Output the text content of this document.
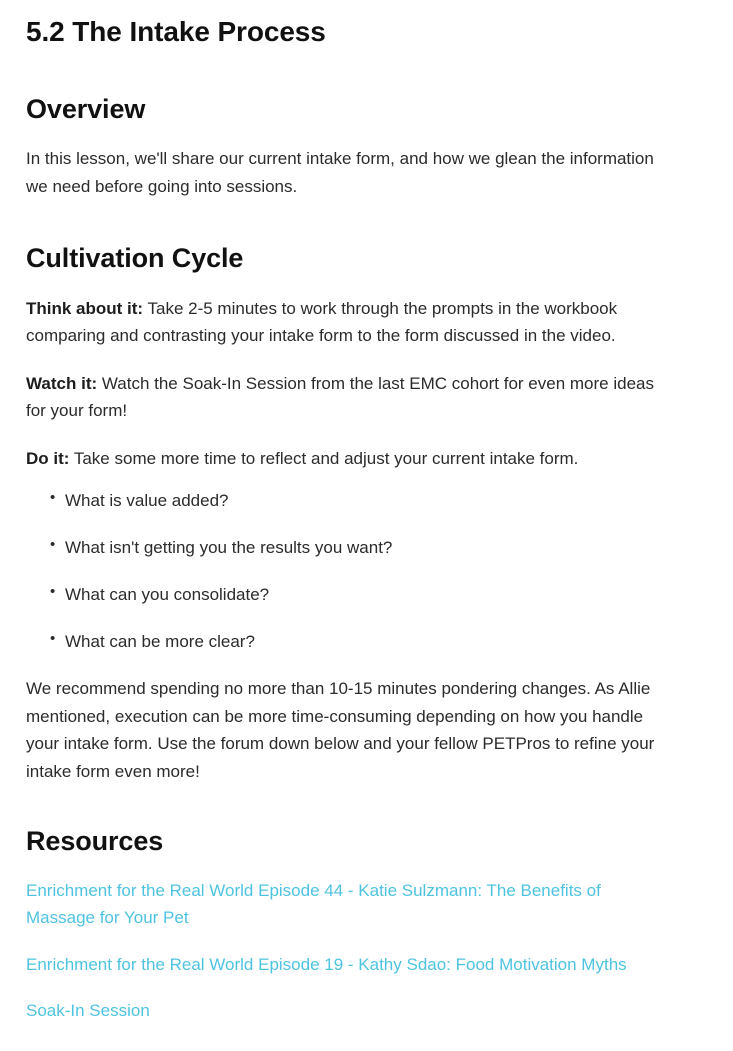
5.2 The Intake Process
Overview

In this lesson, we'll share our current intake form, and how we glean the information we need before going into sessions.

Cultivation Cycle

Think about it: Take 2-5 minutes to work through the prompts in the workbook comparing and contrasting your intake form to the form discussed in the video.

Watch it: Watch the Soak-In Session from the last EMC cohort for even more ideas for your form!

Do it: Take some more time to reflect and adjust your current intake form.

• What is value added?
• What isn't getting you the results you want?
• What can you consolidate?
• What can be more clear?

We recommend spending no more than 10-15 minutes pondering changes. As Allie mentioned, execution can be more time-consuming depending on how you handle your intake form. Use the forum down below and your fellow PETPros to refine your intake form even more!

Resources
Enrichment for the Real World Episode 44 - Katie Sulzmann: The Benefits of Massage for Your Pet
Enrichment for the Real World Episode 19 - Kathy Sdao: Food Motivation Myths
Soak-In Session
